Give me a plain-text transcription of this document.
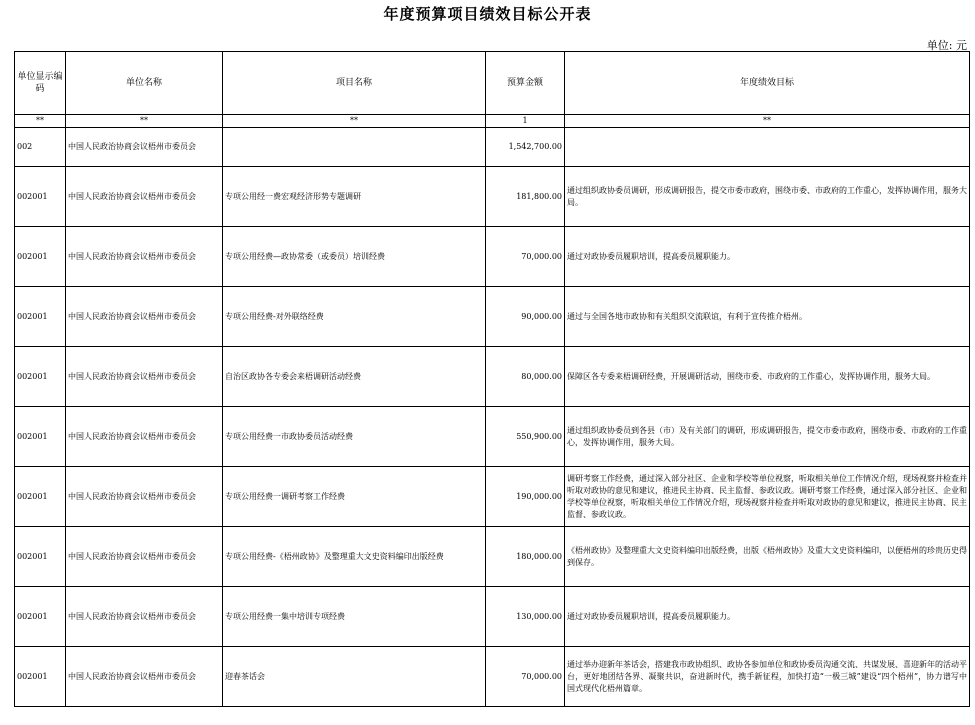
年度预算项目绩效目标公开表
单位: 元
单位显示编码	单位名称	项目名称	预算金额	年度绩效目标
**	**	**	1	**
002	中国人民政治协商会议梧州市委员会		1,542,700.00	
002001	中国人民政治协商会议梧州市委员会	专项公用经一费宏观经济形势专题调研	181,800.00	通过组织政协委员调研，形成调研报告，提交市委市政府，围绕市委、市政府的工作重心，发挥协调作用，服务大局。
002001	中国人民政治协商会议梧州市委员会	专项公用经费—政协常委（或委员）培训经费	70,000.00	通过对政协委员履职培训，提高委员履职能力。
002001	中国人民政治协商会议梧州市委员会	专项公用经费-对外联络经费	90,000.00	通过与全国各地市政协和有关组织交流联谊，有利于宣传推介梧州。
002001	中国人民政治协商会议梧州市委员会	自治区政协各专委会来梧调研活动经费	80,000.00	保障区各专委来梧调研经费，开展调研活动，围绕市委、市政府的工作重心，发挥协调作用，服务大局。
002001	中国人民政治协商会议梧州市委员会	专项公用经费一市政协委员活动经费	550,900.00	通过组织政协委员到各县（市）及有关部门的调研，形成调研报告，提交市委市政府，围绕市委、市政府的工作重心，发挥协调作用，服务大局。
002001	中国人民政治协商会议梧州市委员会	专项公用经费一调研考察工作经费	190,000.00	调研考察工作经费，通过深入部分社区、企业和学校等单位视察，听取相关单位工作情况介绍，现场视察并检查并听取对政协的意见和建议，推进民主协商、民主监督、参政议政。调研考察工作经费，通过深入部分社区、企业和学校等单位视察，听取相关单位工作情况介绍，现场视察并检查并听取对政协的意见和建议，推进民主协商、民主监督、参政议政。
002001	中国人民政治协商会议梧州市委员会	专项公用经费-《梧州政协》及整理重大文史资料编印出版经费	180,000.00	《梧州政协》及整理重大文史资料编印出版经费，出版《梧州政协》及重大文史资料编印，以便梧州的珍贵历史得到保存。
002001	中国人民政治协商会议梧州市委员会	专项公用经费一集中培训专项经费	130,000.00	通过对政协委员履职培训，提高委员履职能力。
002001	中国人民政治协商会议梧州市委员会	迎春茶话会	70,000.00	通过举办迎新年茶话会，搭建我市政协组织、政协各参加单位和政协委员沟通交流、共谋发展、喜迎新年的活动平台，更好地团结各界、凝聚共识，奋进新时代，携手新征程，加快打造“一极三城”建设“四个梧州”，协力谱写中国式现代化梧州篇章。
